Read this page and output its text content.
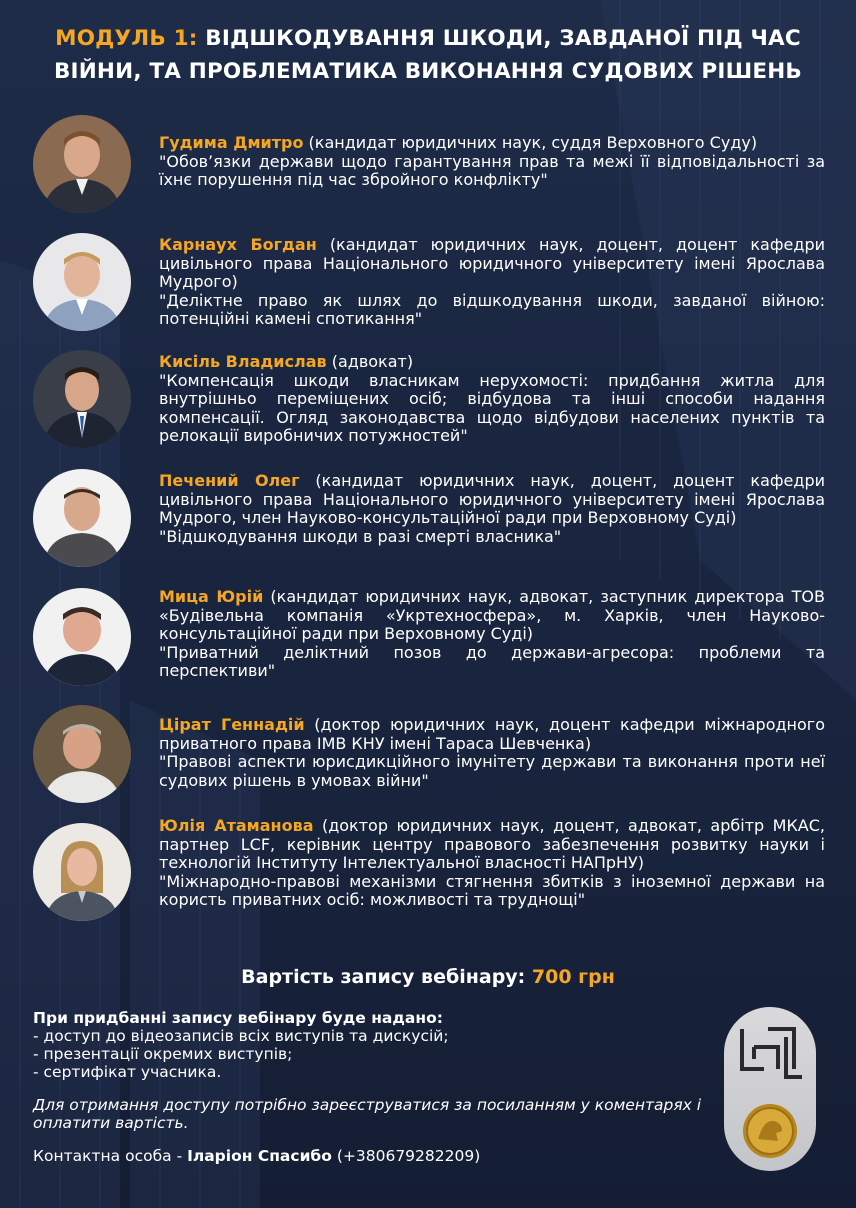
МОДУЛЬ 1: ВІДШКОДУВАННЯ ШКОДИ, ЗАВДАНОЇ ПІД ЧАС ВІЙНИ, ТА ПРОБЛЕМАТИКА ВИКОНАННЯ СУДОВИХ РІШЕНЬ
Гудима Дмитро (кандидат юридичних наук, суддя Верховного Суду)
"Обов’язки держави щодо гарантування прав та межі її відповідальності за їхнє порушення під час збройного конфлікту"
Карнаух Богдан (кандидат юридичних наук, доцент, доцент кафедри цивільного права Національного юридичного університету імені Ярослава Мудрого)
"Деліктне право як шлях до відшкодування шкоди, завданої війною: потенційні камені спотикання"
Кисіль Владислав (адвокат)
"Компенсація шкоди власникам нерухомості: придбання житла для внутрішньо переміщених осіб; відбудова та інші способи надання компенсації. Огляд законодавства щодо відбудови населених пунктів та релокації виробничих потужностей"
Печений Олег (кандидат юридичних наук, доцент, доцент кафедри цивільного права Національного юридичного університету імені Ярослава Мудрого, член Науково-консультаційної ради при Верховному Суді)
"Відшкодування шкоди в разі смерті власника"
Мица Юрій (кандидат юридичних наук, адвокат, заступник директора ТОВ «Будівельна компанія «Укртехносфера», м. Харків, член Науково-консультаційної ради при Верховному Суді)
"Приватний деліктний позов до держави-агресора: проблеми та перспективи"
Цірат Геннадій (доктор юридичних наук, доцент кафедри міжнародного приватного права ІМВ КНУ імені Тараса Шевченка)
"Правові аспекти юрисдикційного імунітету держави та виконання проти неї судових рішень в умовах війни"
Юлія Атаманова (доктор юридичних наук, доцент, адвокат, арбітр МКАС, партнер LCF, керівник центру правового забезпечення розвитку науки і технологій Інституту Інтелектуальної власності НАПрНУ)
"Міжнародно-правові механізми стягнення збитків з іноземної держави на користь приватних осіб: можливості та труднощі"
Вартість запису вебінару: 700 грн
При придбанні запису вебінару буде надано:
- доступ до відеозаписів всіх виступів та дискусій;
- презентації окремих виступів;
- сертифікат учасника.
Для отримання доступу потрібно зареєструватися за посиланням у коментарях і оплатити вартість.
Контактна особа - Іларіон Спасибо (+380679282209)
